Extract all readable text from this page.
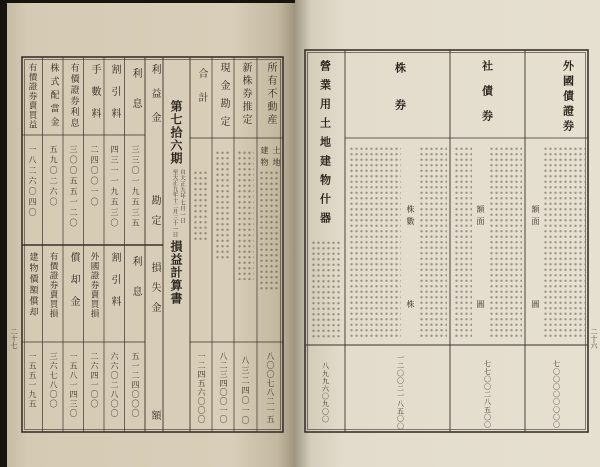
利息
割引料
手數料
有價證券利息
株式配當金
有價證券賣買益
三三〇一九五三五
四三一一九五三〇
二四〇〇一〇
三〇〇五五一二〇
五九〇二六〇
一八二六〇四〇
利息
割引料
外國證券賣買損
償却金
有價證券賣買損
建物價額償却
五一二四〇〇〇
六六〇二八〇〇
二六四一〇〇
一五八一四三〇
三六七八〇〇
一五五一九五
利益金
勘定
損失金
額
第七拾六期
自大正九年七月一日
至大正九年十二月三十一日
損益計算書
合計
一二四五六〇〇〇
現金勘定
八二三四〇〇一〇
新株券推定
八三二四〇一〇
所有不動産
土地
建物
八〇〇七八二一五
二十七
外國債證券
社債券
株券
營業用土地建物什器	額面
圓
額面
圓
株數
株
七〇〇〇〇〇〇〇〇
七七〇〇二八五〇〇
一二〇〇二一八五〇〇
八九九六〇九〇〇
二十六
